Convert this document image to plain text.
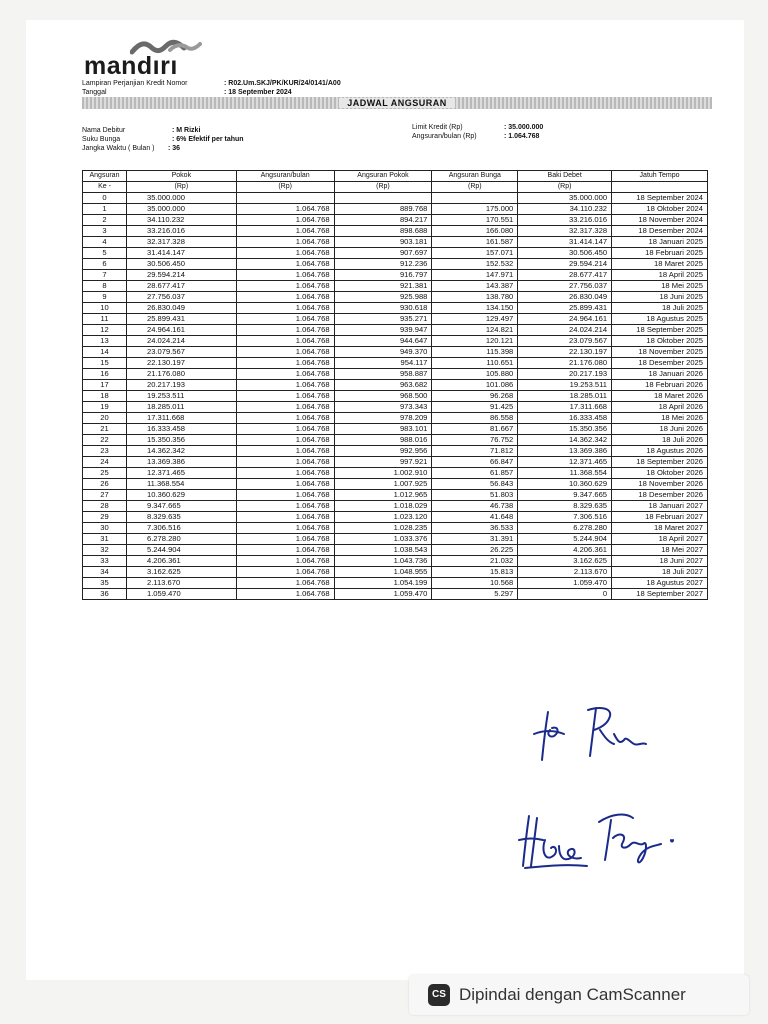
mandırı
Lampiran Perjanjian Kredit Nomor	: R02.Um.SKJ/PK/KUR/24/0141/A00
Tanggal	: 18 September 2024
JADWAL ANGSURAN
Nama Debitur	: M Rizki
Suku Bunga	: 6% Efektif per tahun
Jangka Waktu ( Bulan ) : 36
Limit Kredit (Rp)	: 35.000.000
Angsuran/bulan (Rp)	: 1.064.768
Angsuran	Pokok	Angsuran/bulan	Angsuran Pokok	Angsuran Bunga	Baki Debet	Jatuh Tempo
Ke -	(Rp)	(Rp)	(Rp)	(Rp)	(Rp)	
0	35.000.000				35.000.000	18 September 2024
1	35.000.000	1.064.768	889.768	175.000	34.110.232	18 Oktober 2024
2	34.110.232	1.064.768	894.217	170.551	33.216.016	18 November 2024
3	33.216.016	1.064.768	898.688	166.080	32.317.328	18 Desember 2024
4	32.317.328	1.064.768	903.181	161.587	31.414.147	18 Januari 2025
5	31.414.147	1.064.768	907.697	157.071	30.506.450	18 Februari 2025
6	30.506.450	1.064.768	912.236	152.532	29.594.214	18 Maret 2025
7	29.594.214	1.064.768	916.797	147.971	28.677.417	18 April 2025
8	28.677.417	1.064.768	921.381	143.387	27.756.037	18 Mei 2025
9	27.756.037	1.064.768	925.988	138.780	26.830.049	18 Juni 2025
10	26.830.049	1.064.768	930.618	134.150	25.899.431	18 Juli 2025
11	25.899.431	1.064.768	935.271	129.497	24.964.161	18 Agustus 2025
12	24.964.161	1.064.768	939.947	124.821	24.024.214	18 September 2025
13	24.024.214	1.064.768	944.647	120.121	23.079.567	18 Oktober 2025
14	23.079.567	1.064.768	949.370	115.398	22.130.197	18 November 2025
15	22.130.197	1.064.768	954.117	110.651	21.176.080	18 Desember 2025
16	21.176.080	1.064.768	958.887	105.880	20.217.193	18 Januari 2026
17	20.217.193	1.064.768	963.682	101.086	19.253.511	18 Februari 2026
18	19.253.511	1.064.768	968.500	96.268	18.285.011	18 Maret 2026
19	18.285.011	1.064.768	973.343	91.425	17.311.668	18 April 2026
20	17.311.668	1.064.768	978.209	86.558	16.333.458	18 Mei 2026
21	16.333.458	1.064.768	983.101	81.667	15.350.356	18 Juni 2026
22	15.350.356	1.064.768	988.016	76.752	14.362.342	18 Juli 2026
23	14.362.342	1.064.768	992.956	71.812	13.369.386	18 Agustus 2026
24	13.369.386	1.064.768	997.921	66.847	12.371.465	18 September 2026
25	12.371.465	1.064.768	1.002.910	61.857	11.368.554	18 Oktober 2026
26	11.368.554	1.064.768	1.007.925	56.843	10.360.629	18 November 2026
27	10.360.629	1.064.768	1.012.965	51.803	9.347.665	18 Desember 2026
28	9.347.665	1.064.768	1.018.029	46.738	8.329.635	18 Januari 2027
29	8.329.635	1.064.768	1.023.120	41.648	7.306.516	18 Februari 2027
30	7.306.516	1.064.768	1.028.235	36.533	6.278.280	18 Maret 2027
31	6.278.280	1.064.768	1.033.376	31.391	5.244.904	18 April 2027
32	5.244.904	1.064.768	1.038.543	26.225	4.206.361	18 Mei 2027
33	4.206.361	1.064.768	1.043.736	21.032	3.162.625	18 Juni 2027
34	3.162.625	1.064.768	1.048.955	15.813	2.113.670	18 Juli 2027
35	2.113.670	1.064.768	1.054.199	10.568	1.059.470	18 Agustus 2027
36	1.059.470	1.064.768	1.059.470	5.297	0	18 September 2027
CS Dipindai dengan CamScanner
